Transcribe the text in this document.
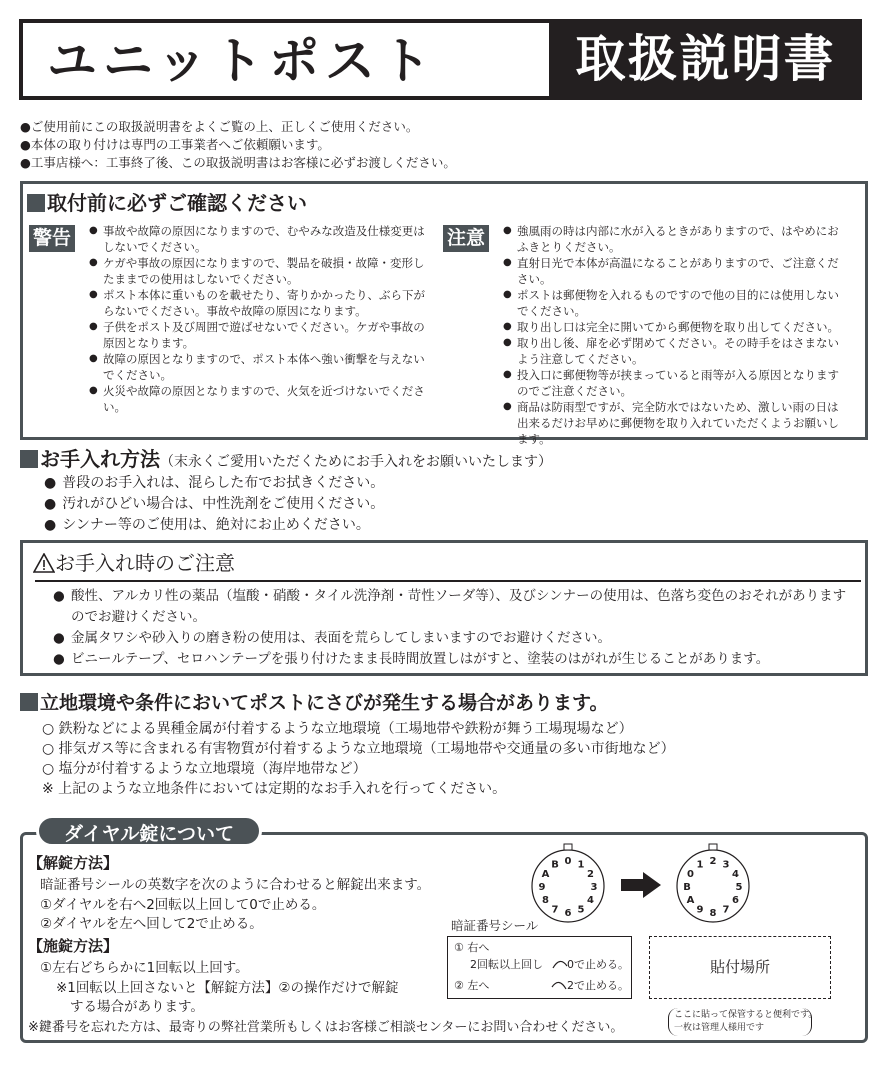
ユニットポスト	取扱説明書
●ご使用前にこの取扱説明書をよくご覧の上、正しくご使用ください。
●本体の取り付けは専門の工事業者へご依頼願います。
●工事店様へ：工事終了後、この取扱説明書はお客様に必ずお渡しください。
取付前に必ずご確認ください
警告	● 事故や故障の原因になりますので、むやみな改造及仕様変更はしないでください。
● ケガや事故の原因になりますので、製品を破損・故障・変形したままでの使用はしないでください。
● ポスト本体に重いものを載せたり、寄りかかったり、ぶら下がらないでください。事故や故障の原因になります。
● 子供をポスト及び周囲で遊ばせないでください。ケガや事故の原因となります。
● 故障の原因となりますので、ポスト本体へ強い衝撃を与えないでください。
● 火災や故障の原因となりますので、火気を近づけないでください。
注意	● 強風雨の時は内部に水が入るときがありますので、はやめにおふきとりください。
● 直射日光で本体が高温になることがありますので、ご注意ください。
● ポストは郵便物を入れるものですので他の目的には使用しないでください。
● 取り出し口は完全に開いてから郵便物を取り出してください。
● 取り出し後、扉を必ず閉めてください。その時手をはさまないよう注意してください。
● 投入口に郵便物等が挟まっていると雨等が入る原因となりますのでご注意ください。
● 商品は防雨型ですが、完全防水ではないため、激しい雨の日は出来るだけお早めに郵便物を取り入れていただくようお願いします。
お手入れ方法（末永くご愛用いただくためにお手入れをお願いいたします）
● 普段のお手入れは、混らした布でお拭きください。
● 汚れがひどい場合は、中性洗剤をご使用ください。
● シンナー等のご使用は、絶対にお止めください。
お手入れ時のご注意
● 酸性、アルカリ性の薬品（塩酸・硝酸・タイル洗浄剤・苛性ソーダ等）、及びシンナーの使用は、色落ち変色のおそれがありますのでお避けください。
● 金属タワシや砂入りの磨き粉の使用は、表面を荒らしてしまいますのでお避けください。
● ビニールテープ、セロハンテープを張り付けたまま長時間放置しはがすと、塗装のはがれが生じることがあります。
立地環境や条件においてポストにさびが発生する場合があります。
○ 鉄粉などによる異種金属が付着するような立地環境（工場地帯や鉄粉が舞う工場現場など）
○ 排気ガス等に含まれる有害物質が付着するような立地環境（工場地帯や交通量の多い市街地など）
○ 塩分が付着するような立地環境（海岸地帯など）
※ 上記のような立地条件においては定期的なお手入れを行ってください。
ダイヤル錠について
【解錠方法】
暗証番号シールの英数字を次のように合わせると解錠出来ます。
①ダイヤルを右へ2回転以上回して0で止める。
②ダイヤルを左へ回して2で止める。
【施錠方法】
①左右どちらかに1回転以上回す。
※1回転以上回さないと【解錠方法】②の操作だけで解錠
する場合があります。
※鍵番号を忘れた方は、最寄りの弊社営業所もしくはお客様ご相談センターにお問い合わせください。
0 1
2
3
4
5
6
7
8
9
A
B
0
1 2 3
4
5
6
7
8
9
A
B
暗証番号シール
① 右へ
2回転以上回し 0で止める。
② 左へ	2で止める。
貼付場所
ここに貼って保管すると便利です。
一枚は管理人様用です
